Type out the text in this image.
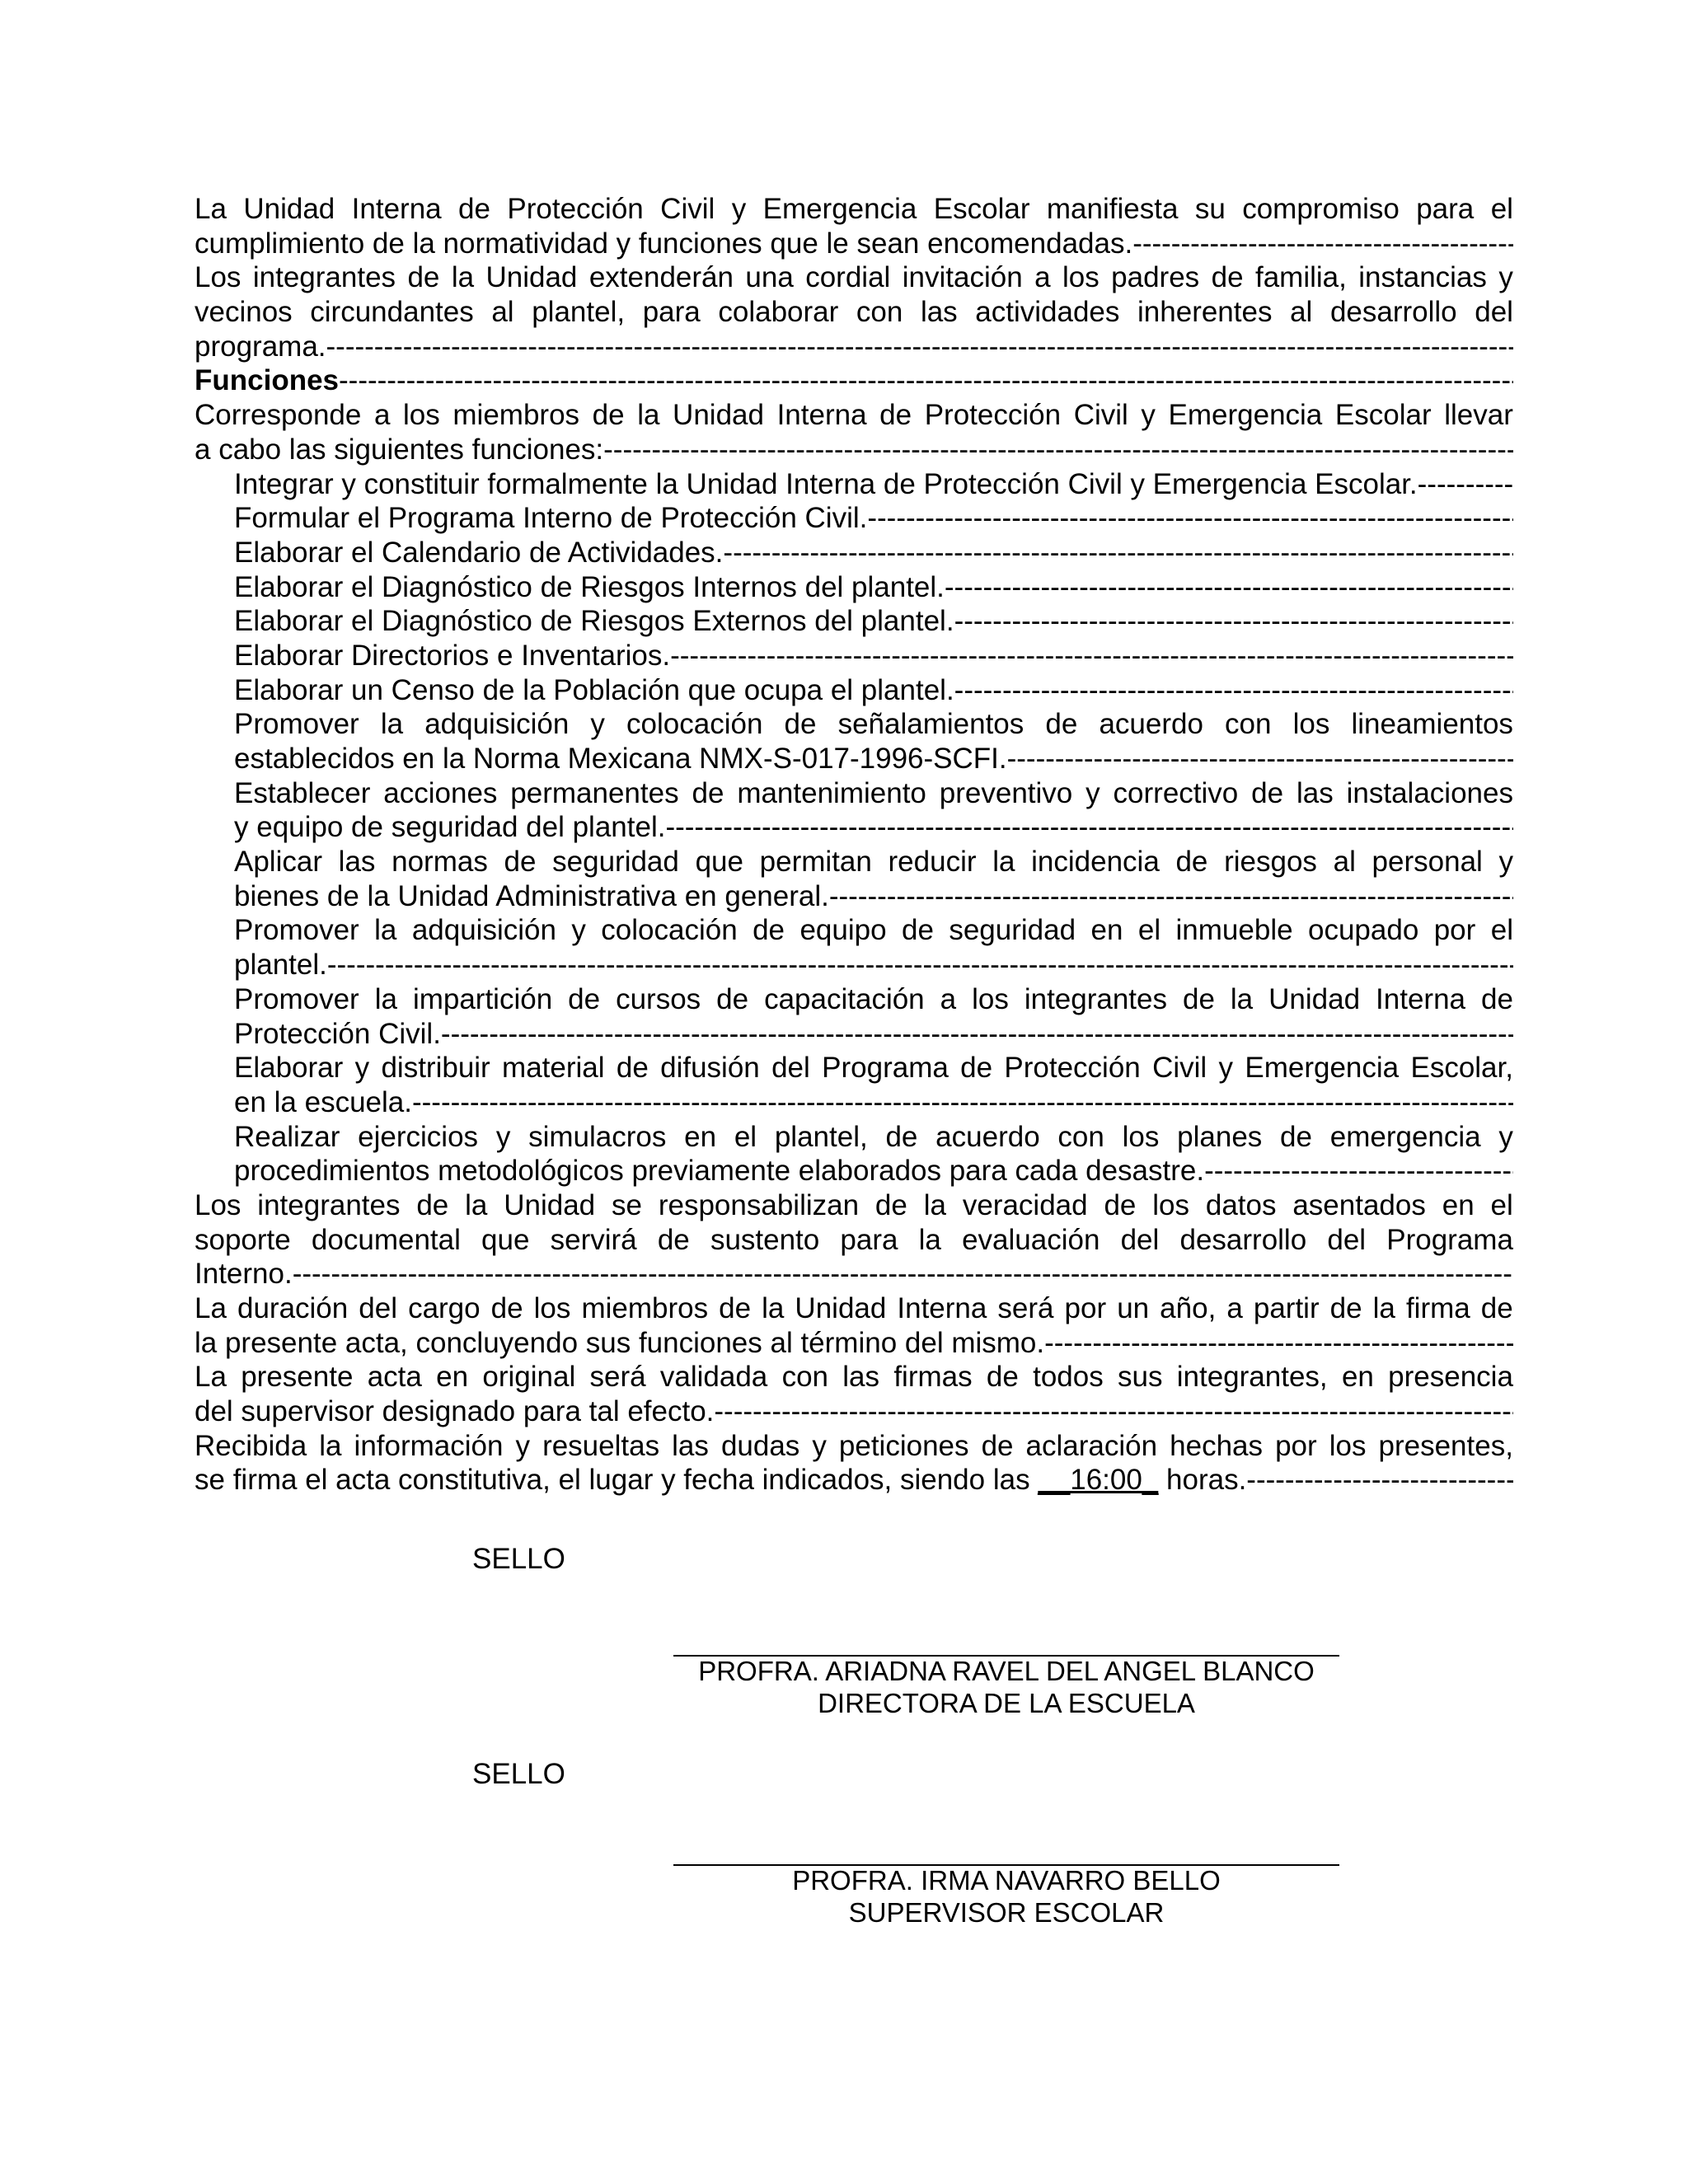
La Unidad Interna de Protección Civil y Emergencia Escolar manifiesta su compromiso para el
cumplimiento de la normatividad y funciones que le sean encomendadas. -----
Los integrantes de la Unidad extenderán una cordial invitación a los padres de familia, instancias y
vecinos circundantes al plantel, para colaborar con las actividades inherentes al desarrollo del
programa. -----
Funciones -----
Corresponde a los miembros de la Unidad Interna de Protección Civil y Emergencia Escolar llevar
a cabo las siguientes funciones: -----
Integrar y constituir formalmente la Unidad Interna de Protección Civil y Emergencia Escolar. -----
Formular el Programa Interno de Protección Civil. -----
Elaborar el Calendario de Actividades. -----
Elaborar el Diagnóstico de Riesgos Internos del plantel. -----
Elaborar el Diagnóstico de Riesgos Externos del plantel. -----
Elaborar Directorios e Inventarios. -----
Elaborar un Censo de la Población que ocupa el plantel. -----
Promover la adquisición y colocación de señalamientos de acuerdo con los lineamientos
establecidos en la Norma Mexicana NMX-S-017-1996-SCFI. -----
Establecer acciones permanentes de mantenimiento preventivo y correctivo de las instalaciones
y equipo de seguridad del plantel. -----
Aplicar las normas de seguridad que permitan reducir la incidencia de riesgos al personal y
bienes de la Unidad Administrativa en general. -----
Promover la adquisición y colocación de equipo de seguridad en el inmueble ocupado por el
plantel. -----
Promover la impartición de cursos de capacitación a los integrantes de la Unidad Interna de
Protección Civil. -----
Elaborar y distribuir material de difusión del Programa de Protección Civil y Emergencia Escolar,
en la escuela. -----
Realizar ejercicios y simulacros en el plantel, de acuerdo con los planes de emergencia y
procedimientos metodológicos previamente elaborados para cada desastre. -----
Los integrantes de la Unidad se responsabilizan de la veracidad de los datos asentados en el
soporte documental que servirá de sustento para la evaluación del desarrollo del Programa
Interno. -----
La duración del cargo de los miembros de la Unidad Interna será por un año, a partir de la firma de
la presente acta, concluyendo sus funciones al término del mismo. -----
La presente acta en original será validada con las firmas de todos sus integrantes, en presencia
del supervisor designado para tal efecto. -----
Recibida la información y resueltas las dudas y peticiones de aclaración hechas por los presentes,
se firma el acta constitutiva, el lugar y fecha indicados, siendo las __16:00_ horas. -----
SELLO
PROFRA. ARIADNA RAVEL DEL ANGEL BLANCO
DIRECTORA DE LA ESCUELA
SELLO
PROFRA. IRMA NAVARRO BELLO
SUPERVISOR ESCOLAR
